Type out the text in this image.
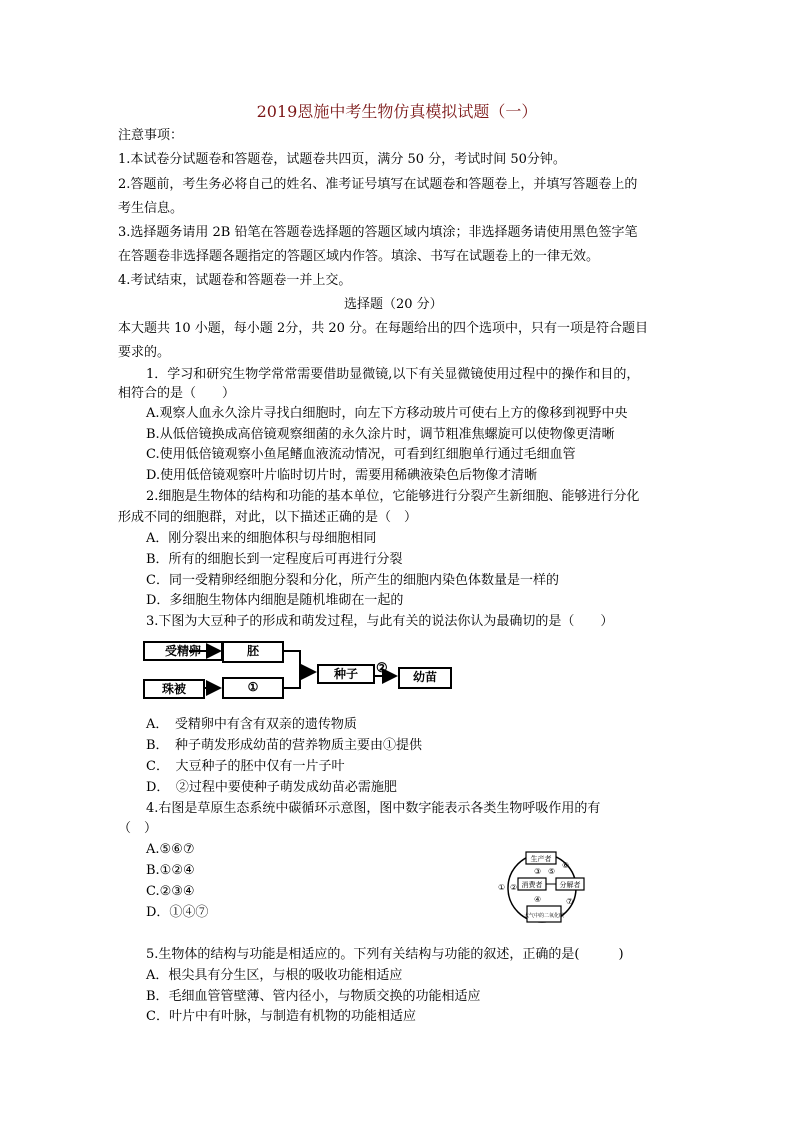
2019恩施中考生物仿真模拟试题（一）
注意事项：
1.本试卷分试题卷和答题卷，试题卷共四页，满分 50 分，考试时间 50分钟。
2.答题前，考生务必将自己的姓名、准考证号填写在试题卷和答题卷上，并填写答题卷上的
考生信息。
3.选择题务请用 2B 铅笔在答题卷选择题的答题区域内填涂；非选择题务请使用黑色签字笔
在答题卷非选择题各题指定的答题区域内作答。填涂、书写在试题卷上的一律无效。
4.考试结束，试题卷和答题卷一并上交。
选择题（20 分）
本大题共 10 小题，每小题 2分，共 20 分。在每题给出的四个选项中，只有一项是符合题目
要求的。
1．学习和研究生物学常常需要借助显微镜,以下有关显微镜使用过程中的操作和目的，
相符合的是（　　）
A.观察人血永久涂片寻找白细胞时，向左下方移动玻片可使右上方的像移到视野中央
B.从低倍镜换成高倍镜观察细菌的永久涂片时，调节粗准焦螺旋可以使物像更清晰
C.使用低倍镜观察小鱼尾鳍血液流动情况，可看到红细胞单行通过毛细血管
D.使用低倍镜观察叶片临时切片时，需要用稀碘液染色后物像才清晰
2.细胞是生物体的结构和功能的基本单位，它能够进行分裂产生新细胞、能够进行分化
形成不同的细胞群，对此，以下描述正确的是（　）
A．刚分裂出来的细胞体积与母细胞相同
B．所有的细胞长到一定程度后可再进行分裂
C．同一受精卵经细胞分裂和分化，所产生的细胞内染色体数量是一样的
D．多细胞生物体内细胞是随机堆砌在一起的
3.下图为大豆种子的形成和萌发过程，与此有关的说法你认为最确切的是（　　）
受精卵	胚
珠被	①
种子	②
幼苗
A．　受精卵中有含有双亲的遗传物质
B．　种子萌发形成幼苗的营养物质主要由①提供
C．　大豆种子的胚中仅有一片子叶
D．　②过程中要使种子萌发成幼苗必需施肥
4.右图是草原生态系统中碳循环示意图，图中数字能表示各类生物呼吸作用的有
（　）
A.⑤⑥⑦
B.①②④
C.②③④
D．①④⑦
生产者
消费者 分解者
大气中的二氧化碳
① ②
③
④
⑤
⑥
⑦
5.生物体的结构与功能是相适应的。下列有关结构与功能的叙述，正确的是(　　　)
A．根尖具有分生区，与根的吸收功能相适应
B．毛细血管管壁薄、管内径小，与物质交换的功能相适应
C．叶片中有叶脉，与制造有机物的功能相适应
